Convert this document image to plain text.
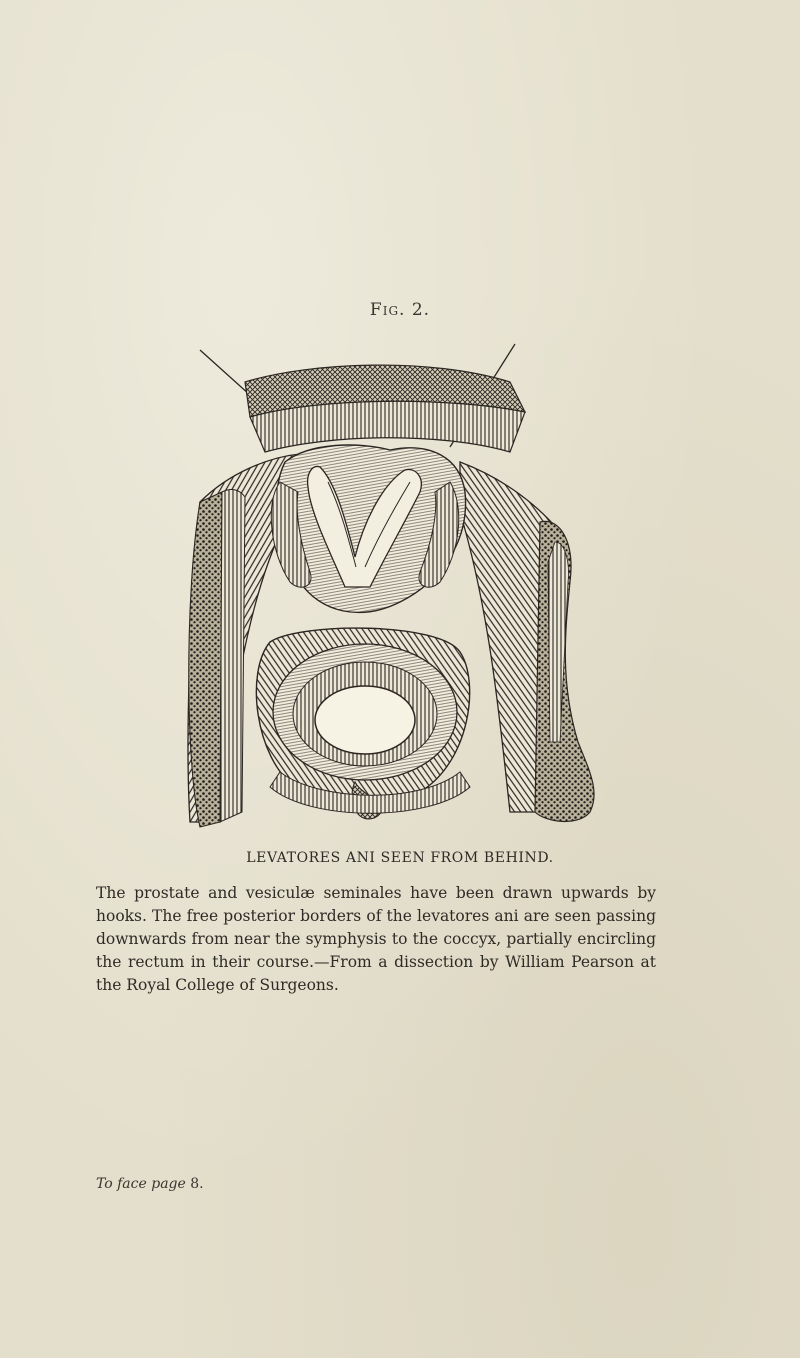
Fig. 2.
LEVATORES ANI SEEN FROM BEHIND.
The prostate and vesiculæ seminales have been drawn upwards by hooks. The free posterior borders of the levatores ani are seen passing downwards from near the symphysis to the coccyx, partially encircling the rectum in their course.—From a dissection by William Pearson at the Royal College of Surgeons.
To face page 8.
